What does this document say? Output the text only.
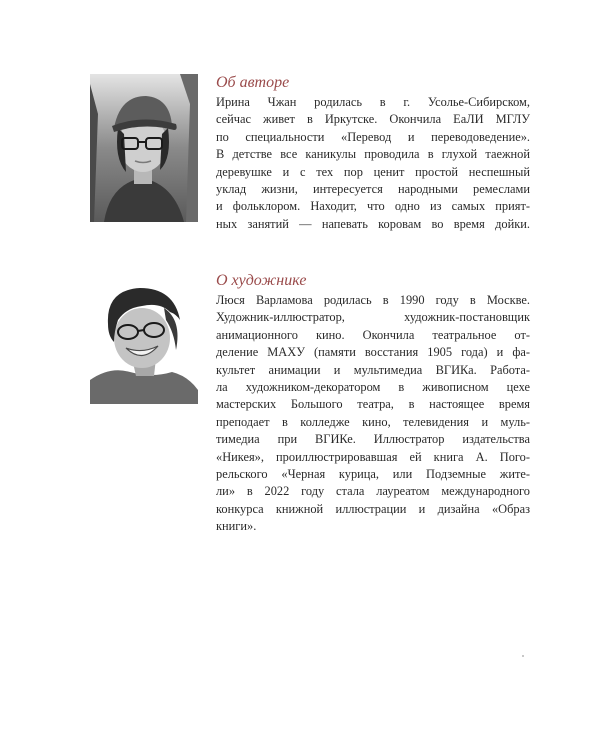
Об авторе

Ирина Чжан родилась в г. Усолье-Сибирском,
сейчас живет в Иркутске. Окончила ЕаЛИ МГЛУ
по специальности «Перевод и переводоведение».
В детстве все каникулы проводила в глухой таежной
деревушке и с тех пор ценит простой неспешный
уклад жизни, интересуется народными ремеслами
и фольклором. Находит, что одно из самых прият-
ных занятий — напевать коровам во время дойки.

О художнике

Люся Варламова родилась в 1990 году в Москве.
Художник-иллюстратор, художник-постановщик
анимационного кино. Окончила театральное от-
деление МАХУ (памяти восстания 1905 года) и фа-
культет анимации и мультимедиа ВГИКа. Работа-
ла художником-декоратором в живописном цехе
мастерских Большого театра, в настоящее время
преподает в колледже кино, телевидения и муль-
тимедиа при ВГИКе. Иллюстратор издательства
«Никея», проиллюстрировавшая ей книга А. Пого-
рельского «Черная курица, или Подземные жите-
ли» в 2022 году стала лауреатом международного
конкурса книжной иллюстрации и дизайна «Образ
книги».
